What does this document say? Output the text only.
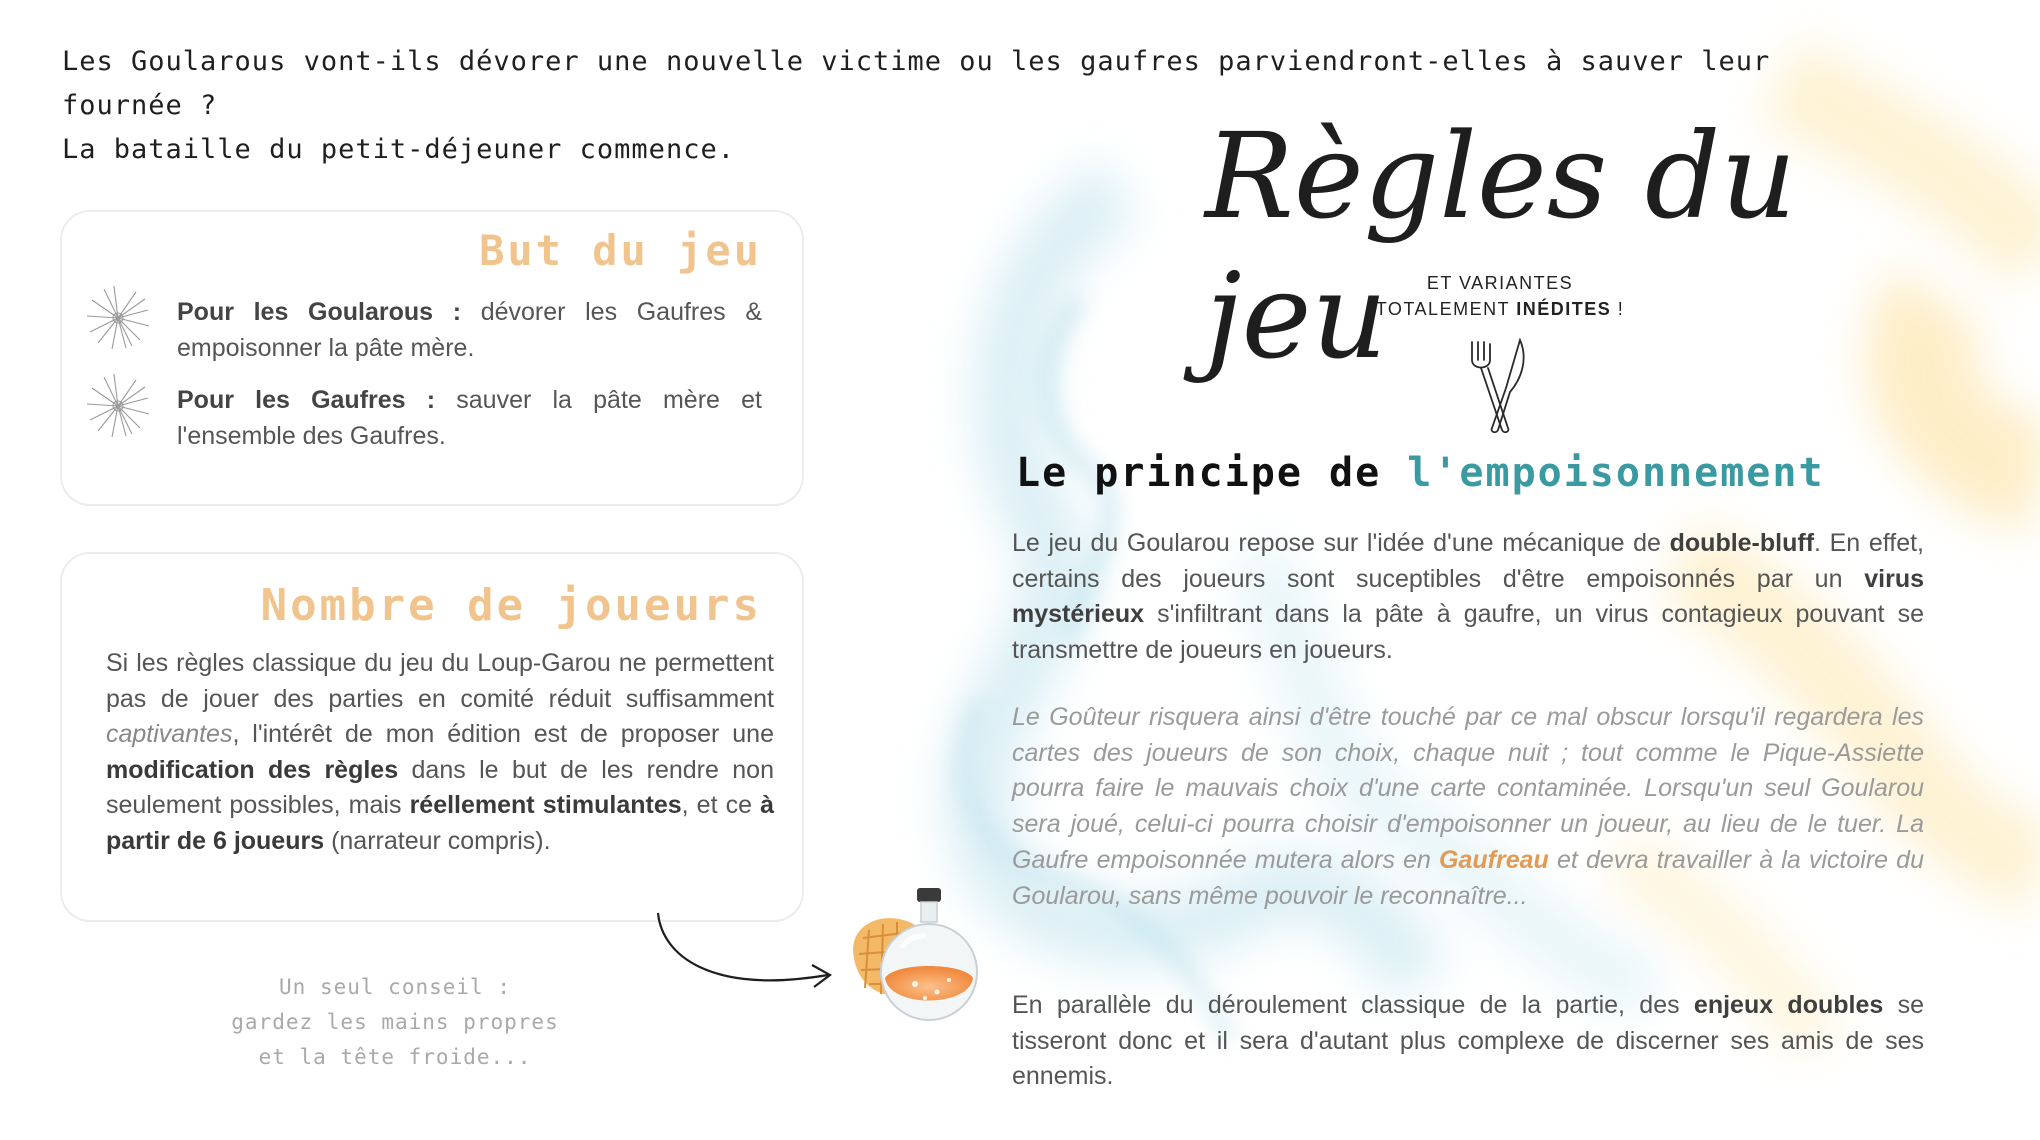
Les Goularous vont-ils dévorer une nouvelle victime ou les gaufres parviendront-elles à sauver leur fournée ?

La bataille du petit-déjeuner commence.

But du jeu
Pour les Goularous : dévorer les Gaufres & empoisonner la pâte mère.
Pour les Gaufres : sauver la pâte mère et l'ensemble des Gaufres.
Nombre de joueurs
Si les règles classique du jeu du Loup-Garou ne permettent pas de jouer des parties en comité réduit suffisamment captivantes, l'intérêt de mon édition est de proposer une modification des règles dans le but de les rendre non seulement possibles, mais réellement stimulantes, et ce à partir de 6 joueurs (narrateur compris).

Un seul conseil :

gardez les mains propres

et la tête froide...

Règles du jeu	ET VARIANTES

TOTALEMENT INÉDITES !

Le principe de l'empoisonnement
Le jeu du Goularou repose sur l'idée d'une mécanique de double-bluff. En effet, certains des joueurs sont suceptibles d'être empoisonnés par un virus mystérieux s'infiltrant dans la pâte à gaufre, un virus contagieux pouvant se transmettre de joueurs en joueurs.
Le Goûteur risquera ainsi d'être touché par ce mal obscur lorsqu'il regardera les cartes des joueurs de son choix, chaque nuit ; tout comme le Pique-Assiette pourra faire le mauvais choix d'une carte contaminée. Lorsqu'un seul Goularou sera joué, celui-ci pourra choisir d'empoisonner un joueur, au lieu de le tuer. La Gaufre empoisonnée mutera alors en Gaufreau et devra travailler à la victoire du Goularou, sans même pouvoir le reconnaître...
En parallèle du déroulement classique de la partie, des enjeux doubles se tisseront donc et il sera d'autant plus complexe de discerner ses amis de ses ennemis.
